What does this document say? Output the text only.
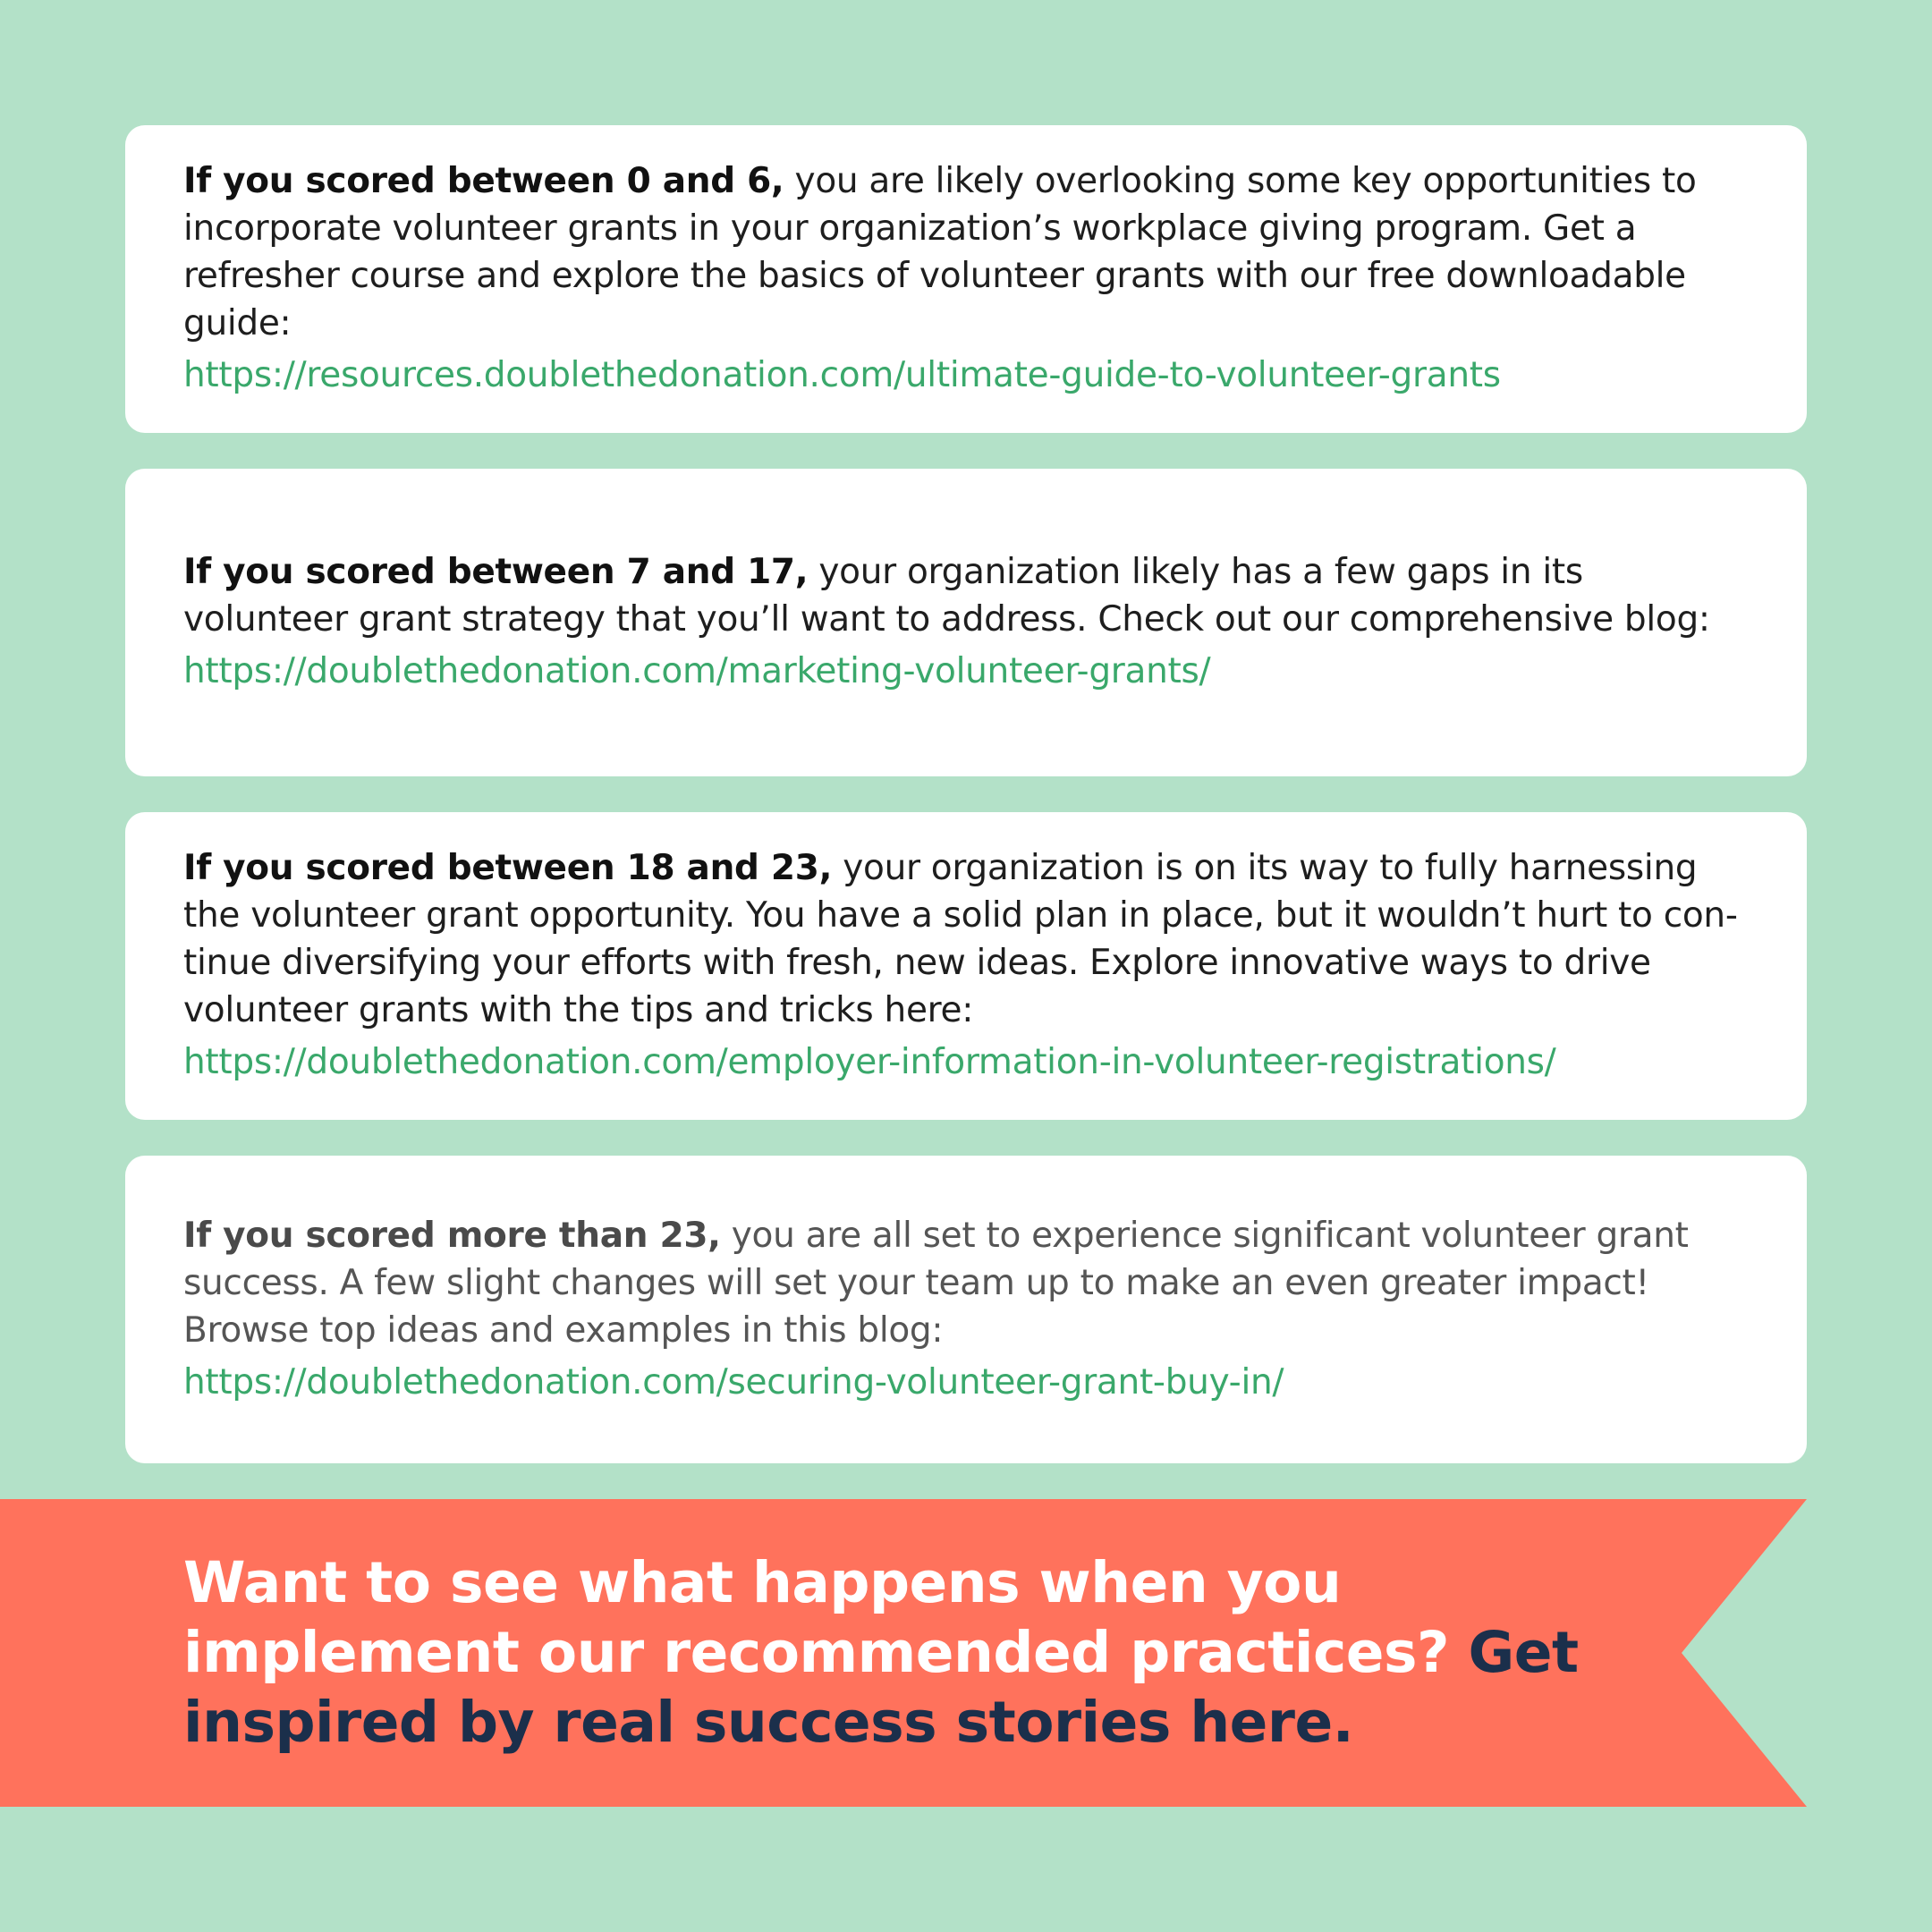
If you scored between 0 and 6, you are likely overlooking some key opportunities to incorporate volunteer grants in your organization’s workplace giving program. Get a refresher course and explore the basics of volunteer grants with our free downloadable guide:

https://resources.doublethedonation.com/ultimate-guide-to-volunteer-grants

If you scored between 7 and 17, your organization likely has a few gaps in its volunteer grant strategy that you’ll want to address. Check out our comprehensive blog:

https://doublethedonation.com/marketing-volunteer-grants/

If you scored between 18 and 23, your organization is on its way to fully harnessing the volunteer grant opportunity. You have a solid plan in place, but it wouldn’t hurt to con-tinue diversifying your efforts with fresh, new ideas. Explore innovative ways to drive volunteer grants with the tips and tricks here:

https://doublethedonation.com/employer-information-in-volunteer-registrations/

If you scored more than 23, you are all set to experience significant volunteer grant success. A few slight changes will set your team up to make an even greater impact! Browse top ideas and examples in this blog:

https://doublethedonation.com/securing-volunteer-grant-buy-in/

Want to see what happens when you implement our recommended practices? Get inspired by real success stories here.
